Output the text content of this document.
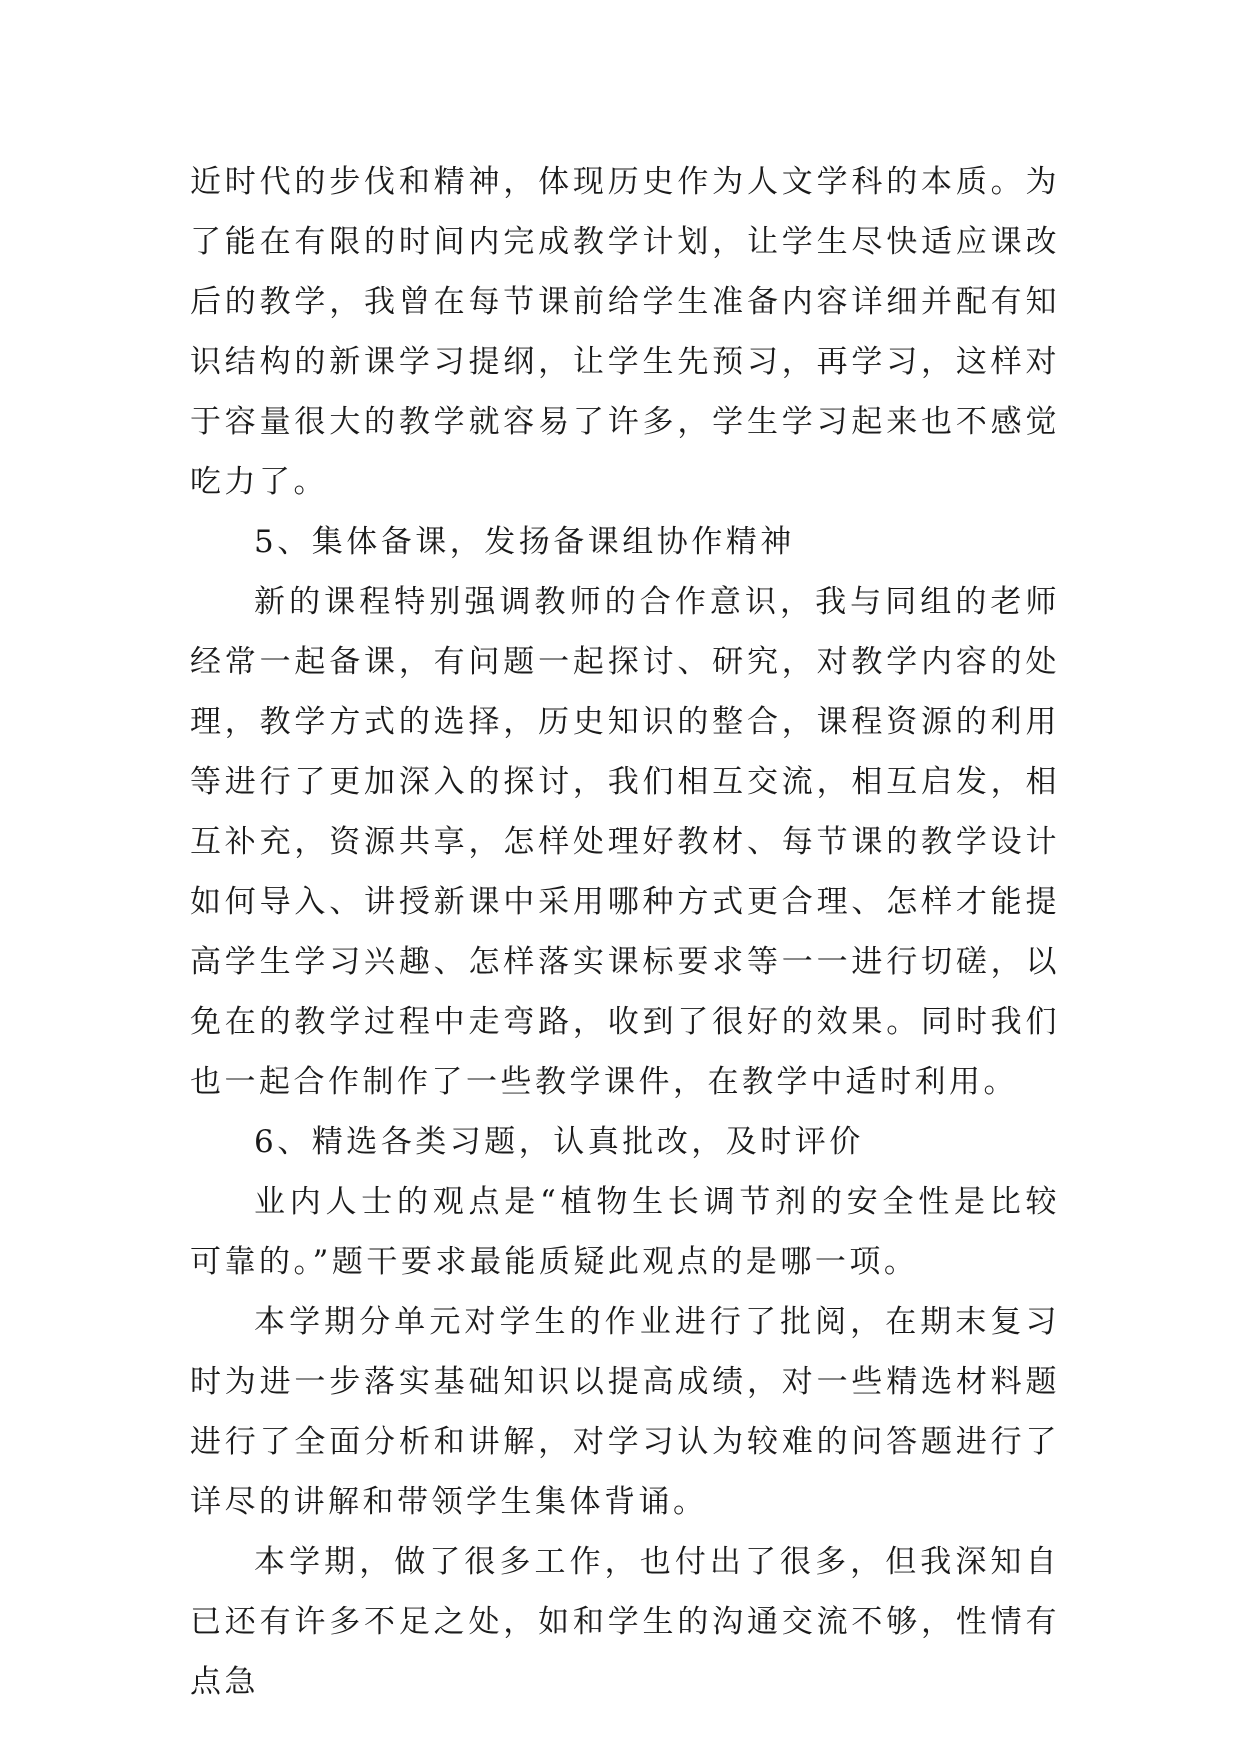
近时代的步伐和精神，体现历史作为人文学科的本质。为了能在有限的时间内完成教学计划，让学生尽快适应课改后的教学，我曾在每节课前给学生准备内容详细并配有知识结构的新课学习提纲，让学生先预习，再学习，这样对于容量很大的教学就容易了许多，学生学习起来也不感觉吃力了。

5、集体备课，发扬备课组协作精神

新的课程特别强调教师的合作意识，我与同组的老师经常一起备课，有问题一起探讨、研究，对教学内容的处理，教学方式的选择，历史知识的整合，课程资源的利用等进行了更加深入的探讨，我们相互交流，相互启发，相互补充，资源共享，怎样处理好教材、每节课的教学设计如何导入、讲授新课中采用哪种方式更合理、怎样才能提高学生学习兴趣、怎样落实课标要求等一一进行切磋，以免在的教学过程中走弯路，收到了很好的效果。同时我们也一起合作制作了一些教学课件，在教学中适时利用。

6、精选各类习题，认真批改，及时评价

业内人士的观点是“植物生长调节剂的安全性是比较可靠的。”题干要求最能质疑此观点的是哪一项。

本学期分单元对学生的作业进行了批阅，在期末复习时为进一步落实基础知识以提高成绩，对一些精选材料题进行了全面分析和讲解，对学习认为较难的问答题进行了详尽的讲解和带领学生集体背诵。

本学期，做了很多工作，也付出了很多，但我深知自已还有许多不足之处，如和学生的沟通交流不够，性情有点急
